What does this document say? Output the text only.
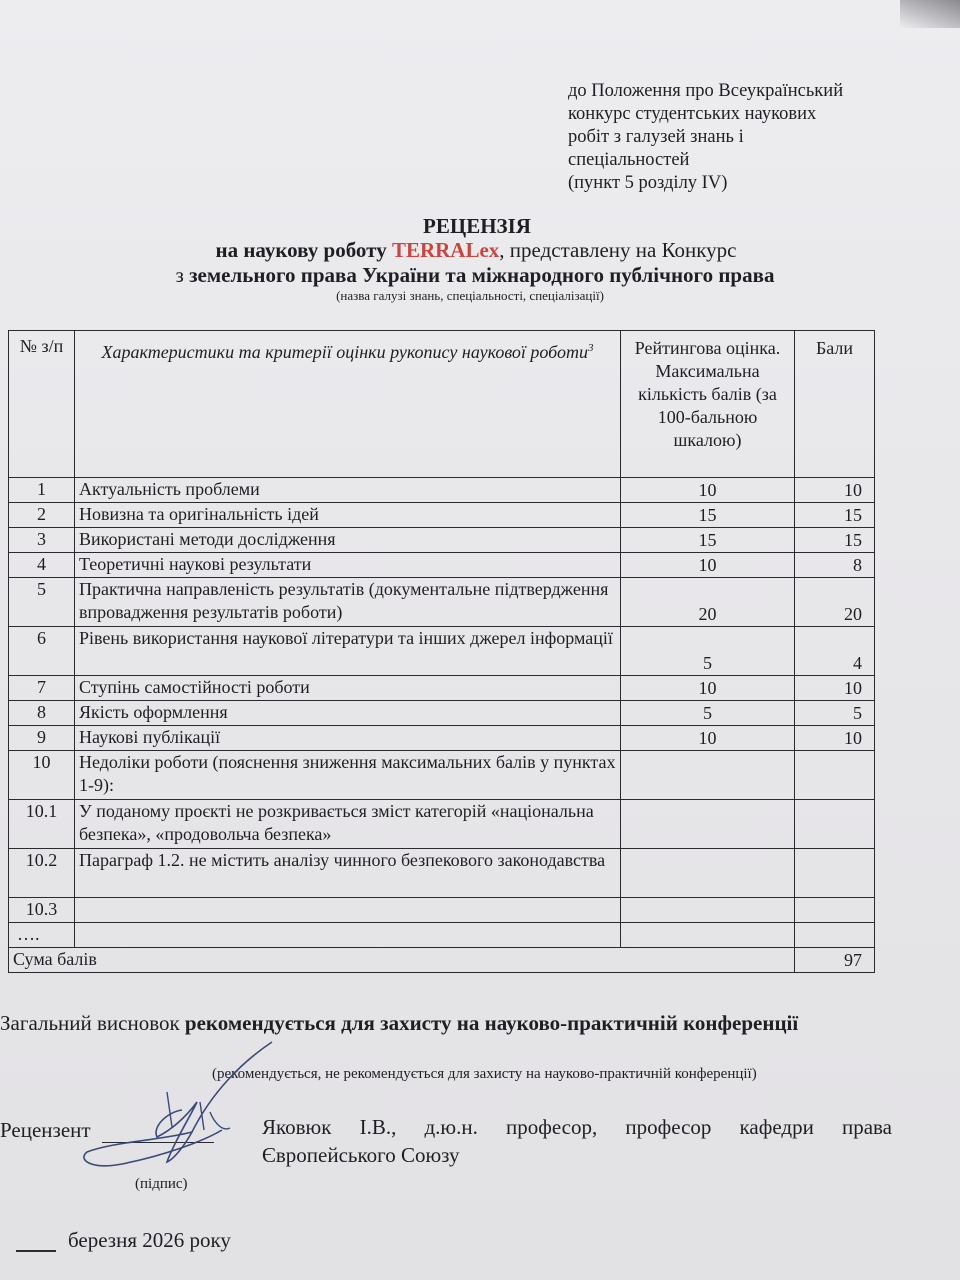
до Положення про Всеукраїнський
конкурс студентських наукових
робіт з галузей знань і
спеціальностей
(пункт 5 розділу IV)
РЕЦЕНЗІЯ
на наукову роботу TERRALex, представлену на Конкурс
з земельного права України та міжнародного публічного права
(назва галузі знань, спеціальності, спеціалізації)
№ з/п	Характеристики та критерії оцінки рукопису наукової роботи$^3$	Рейтингова оцінка. Максимальна кількість балів (за 100-бальною шкалою)	Бали
1	Актуальність проблеми	10	10
2	Новизна та оригінальність ідей	15	15
3	Використані методи дослідження	15	15
4	Теоретичні наукові результати	10	8
5	Практична направленість результатів (документальне підтвердження впровадження результатів роботи)	20	20
6	Рівень використання наукової літератури та інших джерел інформації	5	4
7	Ступінь самостійності роботи	10	10
8	Якість оформлення	5	5
9	Наукові публікації	10	10
10	Недоліки роботи (пояснення зниження максимальних балів у пунктах 1-9):		
10.1	У поданому проєкті не розкривається зміст категорій «національна безпека», «продовольча безпека»		
10.2	Параграф 1.2. не містить аналізу чинного безпекового законодавства		
10.3			
….			
Сума балів			97
Загальний висновок рекомендується для захисту на науково-практичній конференції
(рекомендується, не рекомендується для захисту на науково-практичній конференції)
Рецензент
(підпис)
Яковюк І.В., д.ю.н. професор, професор кафедри права Європейського Союзу
березня 2026 року
